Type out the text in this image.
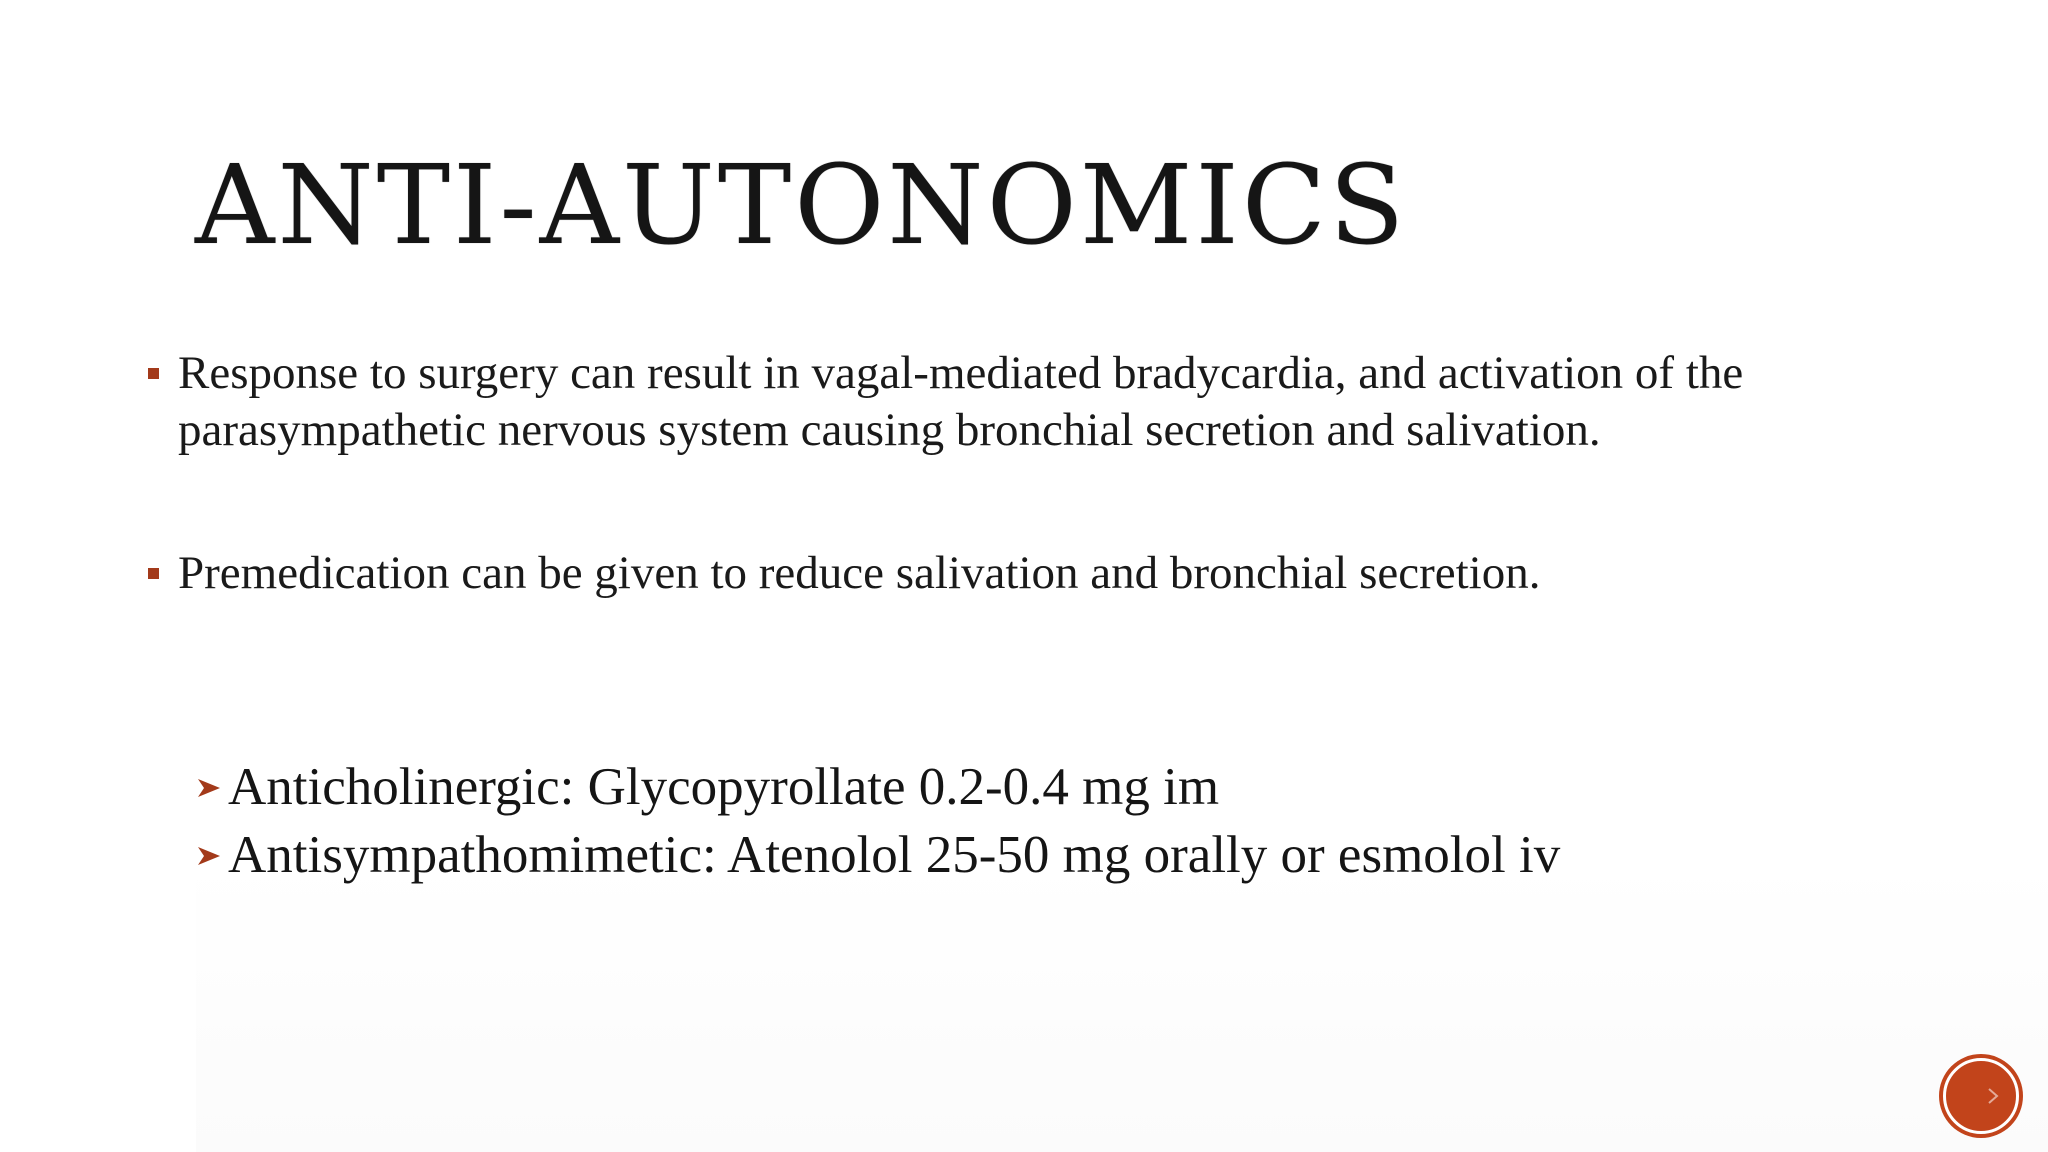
ANTI-AUTONOMICS
Response to surgery can result in vagal-mediated bradycardia, and activation of the parasympathetic nervous system causing bronchial secretion and salivation.
Premedication can be given to reduce salivation and bronchial secretion.
Anticholinergic: Glycopyrollate 0.2-0.4 mg im
Antisympathomimetic: Atenolol 25-50 mg orally or esmolol iv
